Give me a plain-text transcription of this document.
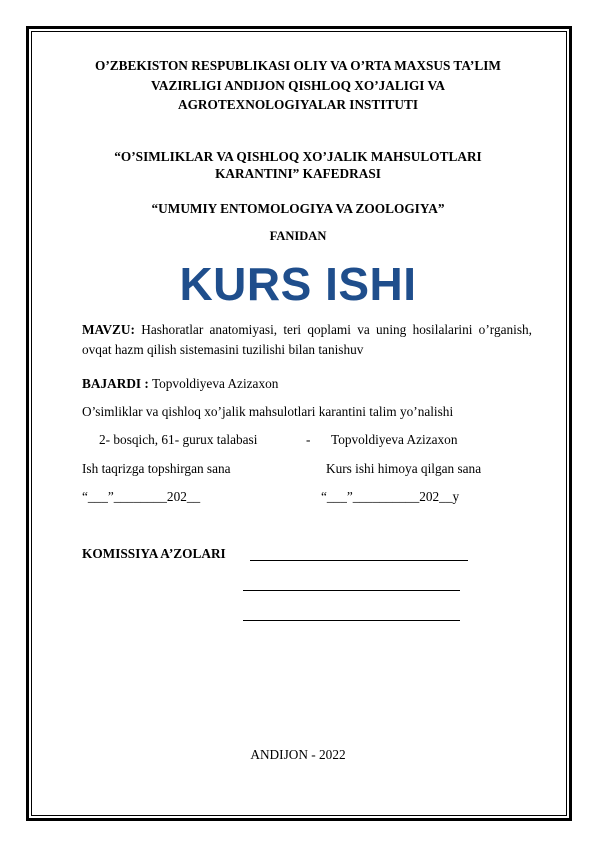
O’ZBEKISTON RESPUBLIKASI OLIY VA O’RTA MAXSUS TA’LIM
VAZIRLIGI ANDIJON QISHLOQ XO’JALIGI VA
AGROTEXNOLOGIYALAR INSTITUTI
“O’SIMLIKLAR VA QISHLOQ XO’JALIK MAHSULOTLARI
KARANTINI” KAFEDRASI
“UMUMIY ENTOMOLOGIYA VA ZOOLOGIYA”
FANIDAN
KURS ISHI
MAVZU: Hashoratlar anatomiyasi, teri qoplami va uning hosilalarini o’rganish, ovqat hazm qilish sistemasini tuzilishi bilan tanishuv
BAJARDI : Topvoldiyeva Azizaxon
O’simliklar va qishloq xo’jalik mahsulotlari karantini talim yo’nalishi
2- bosqich, 61- gurux talabasi	- Topvoldiyeva Azizaxon
Ish taqrizga topshirgan sana	Kurs ishi himoya qilgan sana
“___”________202__	“___”__________202__y
KOMISSIYA A’ZOLARI
ANDIJON - 2022
